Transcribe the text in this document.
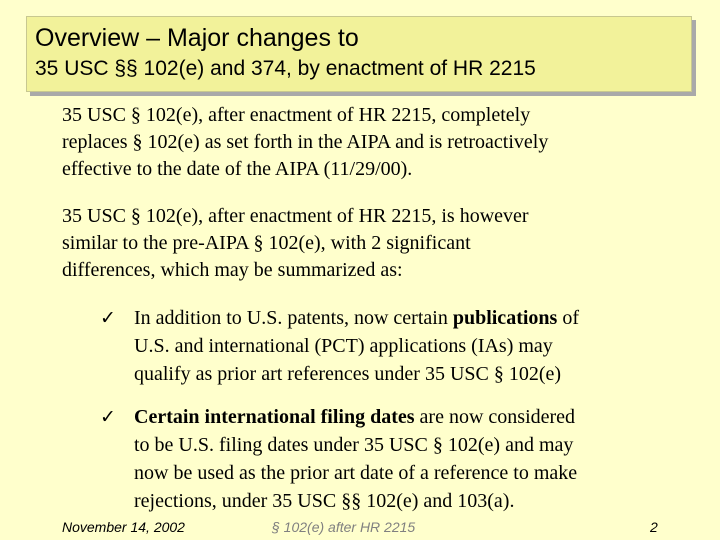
Overview – Major changes to
35 USC §§ 102(e) and 374, by enactment of HR 2215

35 USC § 102(e), after enactment of HR 2215, completely
replaces § 102(e) as set forth in the AIPA and is retroactively
effective to the date of the AIPA (11/29/00).

35 USC § 102(e), after enactment of HR 2215, is however
similar to the pre-AIPA § 102(e), with 2 significant
differences, which may be summarized as:

✓ In addition to U.S. patents, now certain publications of
U.S. and international (PCT) applications (IAs) may
qualify as prior art references under 35 USC § 102(e)
✓ Certain international filing dates are now considered
to be U.S. filing dates under 35 USC § 102(e) and may
now be used as the prior art date of a reference to make
rejections, under 35 USC §§ 102(e) and 103(a).
November 14, 2002	§ 102(e) after HR 2215	2
